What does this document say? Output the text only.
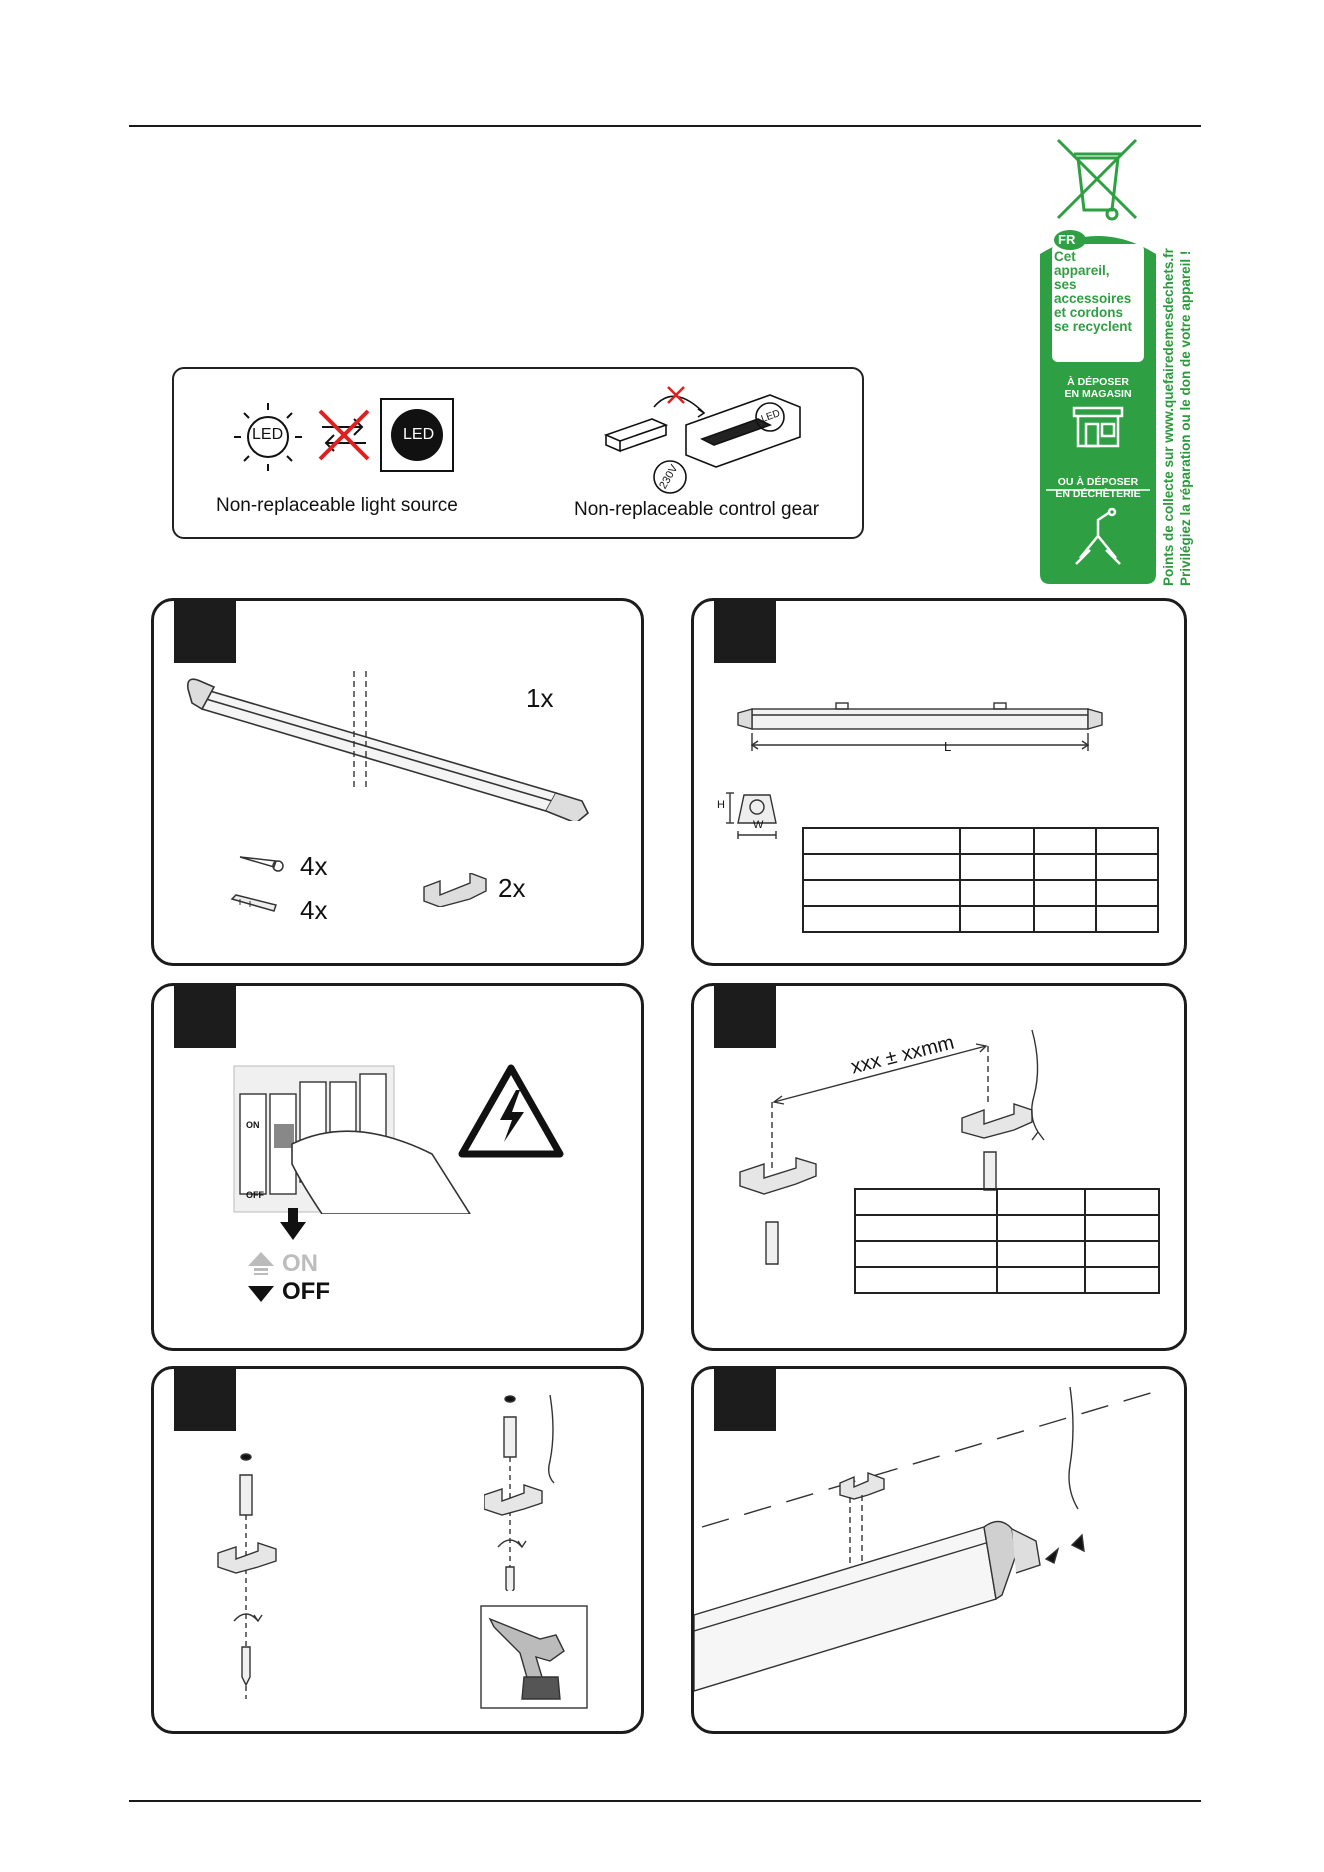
LED	LED
Non-replaceable light source
LED
230V
Non-replaceable control gear
FR
Cet
appareil,
ses
accessoires
et cordons
se recyclent
À DÉPOSER
EN MAGASIN
OU À DÉPOSER
EN DÉCHÈTERIE	Points de collecte sur www.quefairedemesdechets.fr Privilégiez la réparation ou le don de votre appareil !
1x
4x
4x
2x
L
H
W

ON
OFF
ON
OFF
xxx ± xxmm
